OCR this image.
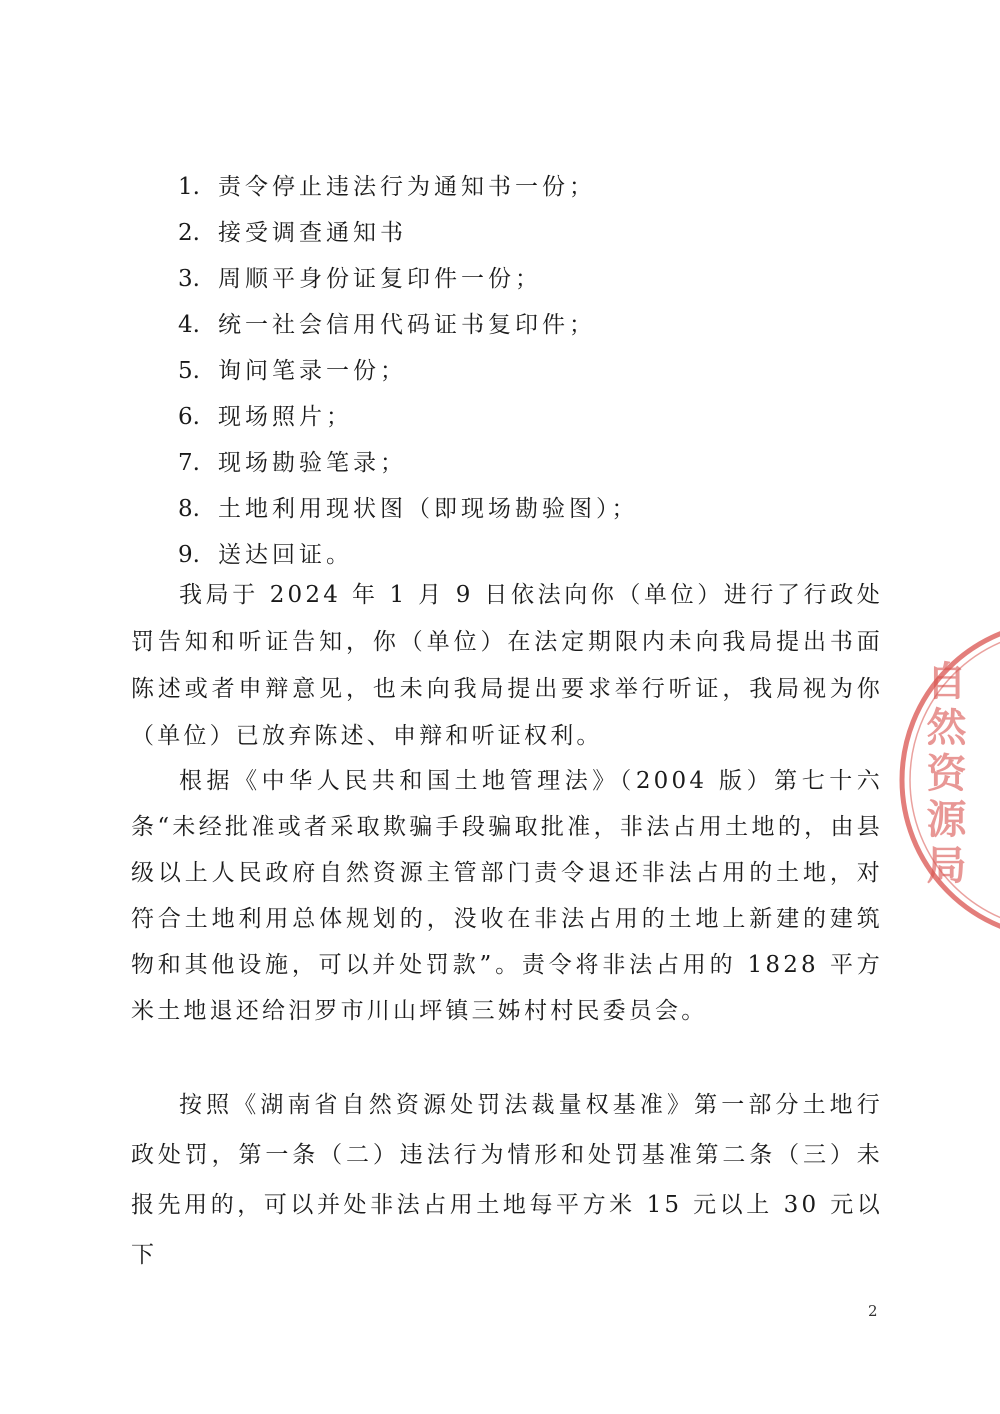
1. 责令停止违法行为通知书一份；
2. 接受调查通知书
3. 周顺平身份证复印件一份；
4. 统一社会信用代码证书复印件；
5. 询问笔录一份；
6. 现场照片；
7. 现场勘验笔录；
8. 土地利用现状图（即现场勘验图）；
9. 送达回证。

我局于 2024 年 1 月 9 日依法向你（单位）进行了行政处罚告知和听证告知，你（单位）在法定期限内未向我局提出书面陈述或者申辩意见，也未向我局提出要求举行听证，我局视为你（单位）已放弃陈述、申辩和听证权利。

根据《中华人民共和国土地管理法》（2004 版）第七十六条“未经批准或者采取欺骗手段骗取批准，非法占用土地的，由县级以上人民政府自然资源主管部门责令退还非法占用的土地，对符合土地利用总体规划的，没收在非法占用的土地上新建的建筑物和其他设施，可以并处罚款”。责令将非法占用的 1828 平方米土地退还给汨罗市川山坪镇三姊村村民委员会。

按照《湖南省自然资源处罚法裁量权基准》第一部分土地行政处罚，第一条（二）违法行为情形和处罚基准第二条（三）未报先用的，可以并处非法占用土地每平方米 15 元以上 30 元以下

自然资源局
2
